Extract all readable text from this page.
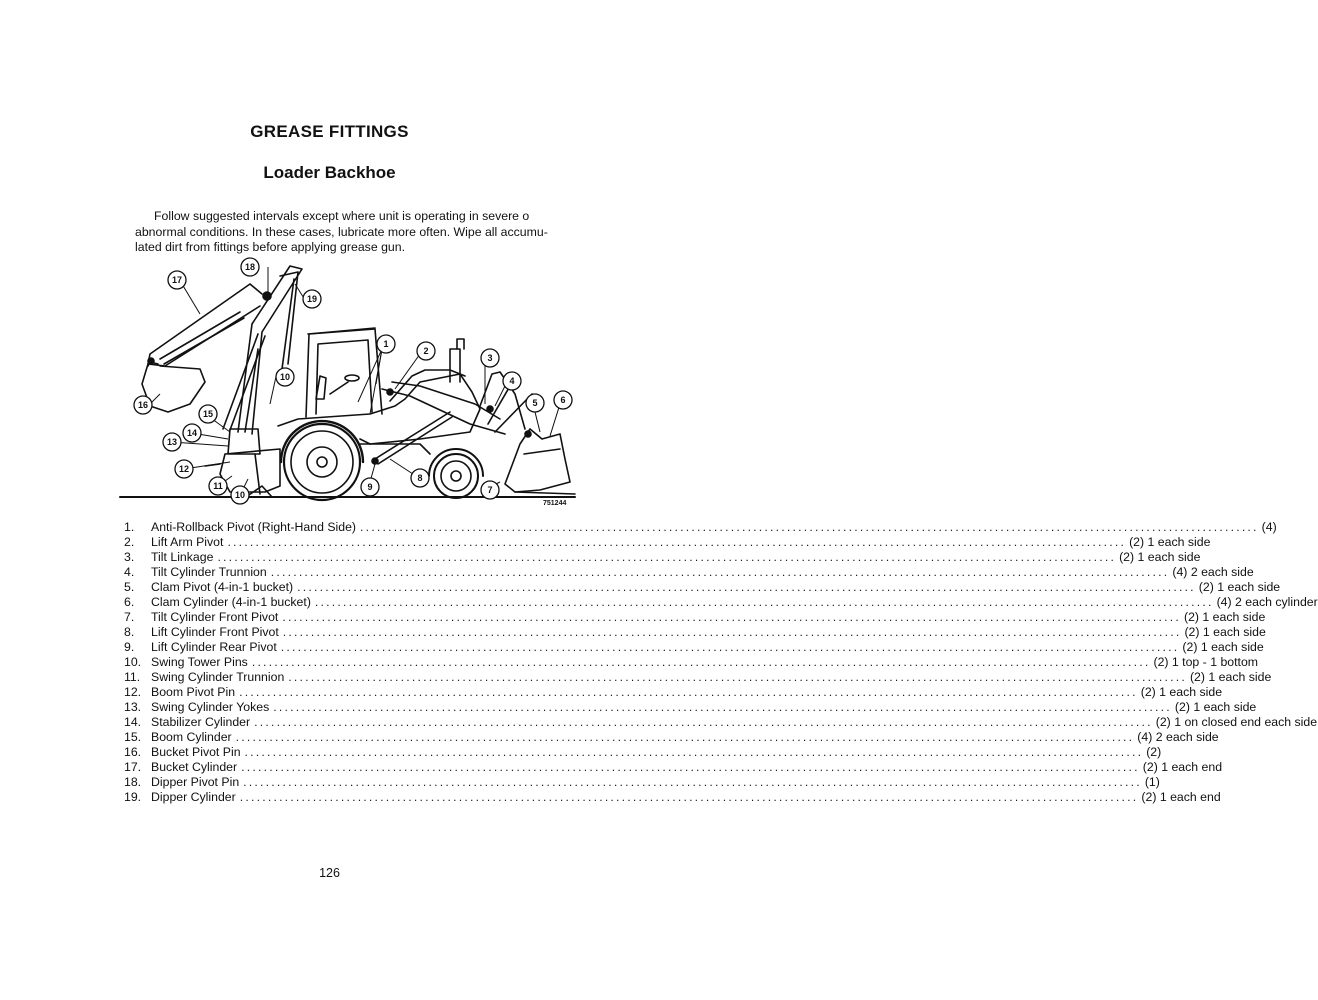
GREASE FITTINGS
Loader Backhoe

Follow suggested intervals except where unit is operating in severe o
abnormal conditions. In these cases, lubricate more often. Wipe all accumu-
lated dirt from fittings before applying grease gun.

1
2
3
4
5	6
7
8
9
10
10
11
12
13
14
15
16
17
18
19
751244
1.	Anti-Rollback Pivot (Right-Hand Side) ................................................................................................................................................................ (4)
2.	Lift Arm Pivot ................................................................................................................................................................ (2) 1 each side
3.	Tilt Linkage ................................................................................................................................................................ (2) 1 each side
4.	Tilt Cylinder Trunnion ................................................................................................................................................................ (4) 2 each side
5.	Clam Pivot (4-in-1 bucket) ................................................................................................................................................................ (2) 1 each side
6.	Clam Cylinder (4-in-1 bucket) ................................................................................................................................................................ (4) 2 each cylinder
7.	Tilt Cylinder Front Pivot ................................................................................................................................................................ (2) 1 each side
8.	Lift Cylinder Front Pivot ................................................................................................................................................................ (2) 1 each side
9.	Lift Cylinder Rear Pivot ................................................................................................................................................................ (2) 1 each side
10. Swing Tower Pins ................................................................................................................................................................ (2) 1 top - 1 bottom
11. Swing Cylinder Trunnion ................................................................................................................................................................ (2) 1 each side
12. Boom Pivot Pin ................................................................................................................................................................ (2) 1 each side
13. Swing Cylinder Yokes ................................................................................................................................................................ (2) 1 each side
14. Stabilizer Cylinder ................................................................................................................................................................ (2) 1 on closed end each side
15. Boom Cylinder ................................................................................................................................................................ (4) 2 each side
16. Bucket Pivot Pin ................................................................................................................................................................ (2)
17. Bucket Cylinder ................................................................................................................................................................ (2) 1 each end
18. Dipper Pivot Pin ................................................................................................................................................................ (1)
19. Dipper Cylinder ................................................................................................................................................................ (2) 1 each end
126
